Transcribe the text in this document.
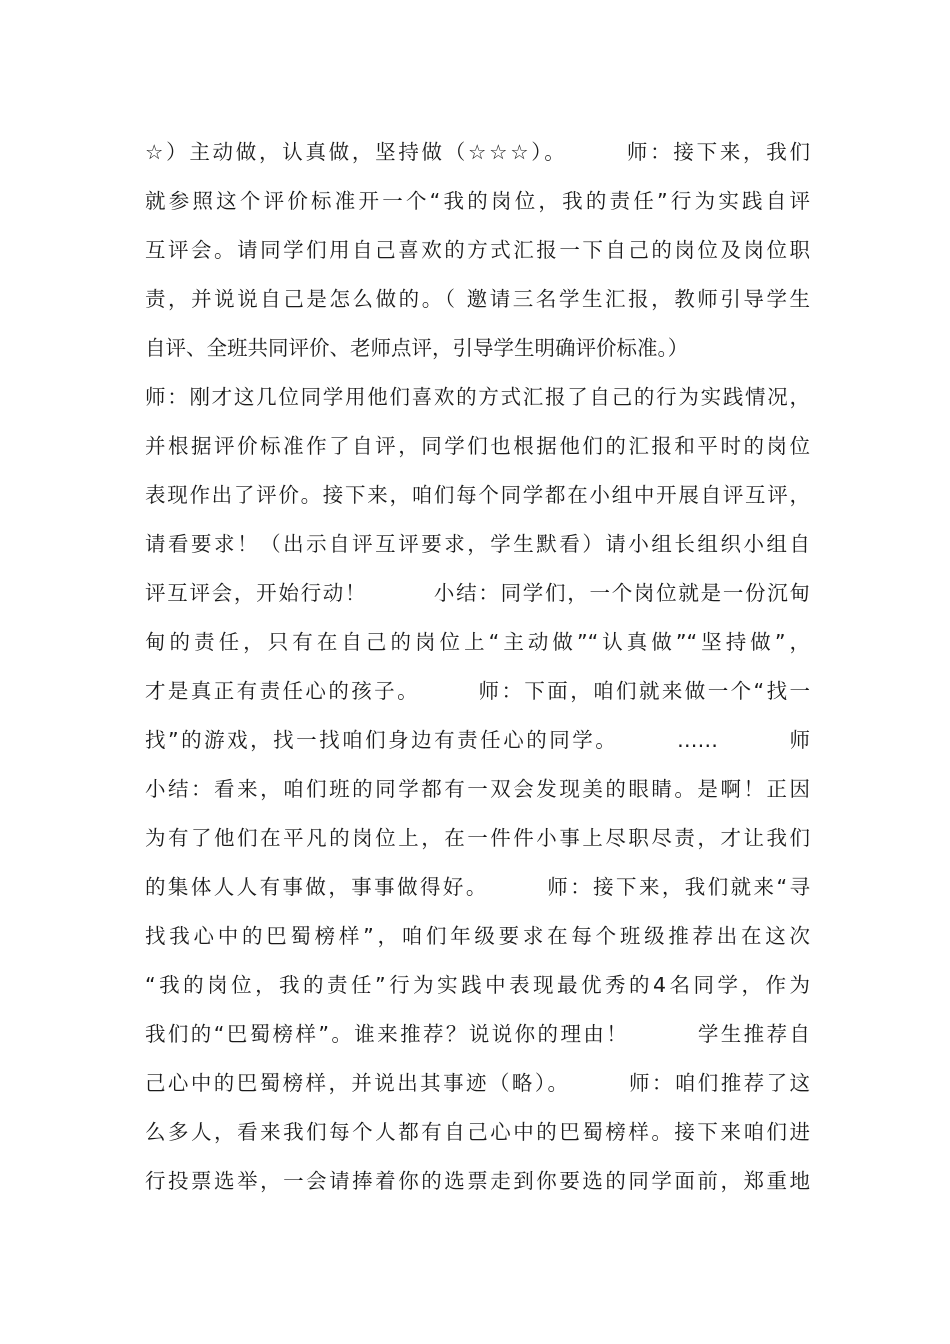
☆）主动做，认真做，坚持做（☆☆☆）。　　　师：接下来，我们
就参照这个评价标准开一个“我的岗位，我的责任”行为实践自评
互评会。请同学们用自己喜欢的方式汇报一下自己的岗位及岗位职
责，并说说自己是怎么做的。（ 邀请三名学生汇报，教师引导学生
自评、全班共同评价、老师点评，引导学生明确评价标准。）
师：刚才这几位同学用他们喜欢的方式汇报了自己的行为实践情况，
并根据评价标准作了自评，同学们也根据他们的汇报和平时的岗位
表现作出了评价。接下来，咱们每个同学都在小组中开展自评互评，
请看要求！（出示自评互评要求，学生默看）请小组长组织小组自
评互评会，开始行动！　　　小结：同学们，一个岗位就是一份沉甸
甸的责任，只有在自己的岗位上“主动做”“认真做”“坚持做”，
才是真正有责任心的孩子。　　　师：下面，咱们就来做一个“找一
找”的游戏，找一找咱们身边有责任心的同学。　　　……　　　师
小结：看来，咱们班的同学都有一双会发现美的眼睛。是啊！正因
为有了他们在平凡的岗位上，在一件件小事上尽职尽责，才让我们
的集体人人有事做，事事做得好。　　　师：接下来，我们就来“寻
找我心中的巴蜀榜样”，咱们年级要求在每个班级推荐出在这次
“我的岗位，我的责任”行为实践中表现最优秀的4名同学，作为
我们的“巴蜀榜样”。谁来推荐？说说你的理由！　　　学生推荐自
己心中的巴蜀榜样，并说出其事迹（略）。　　　师：咱们推荐了这
么多人，看来我们每个人都有自己心中的巴蜀榜样。接下来咱们进
行投票选举，一会请捧着你的选票走到你要选的同学面前，郑重地
